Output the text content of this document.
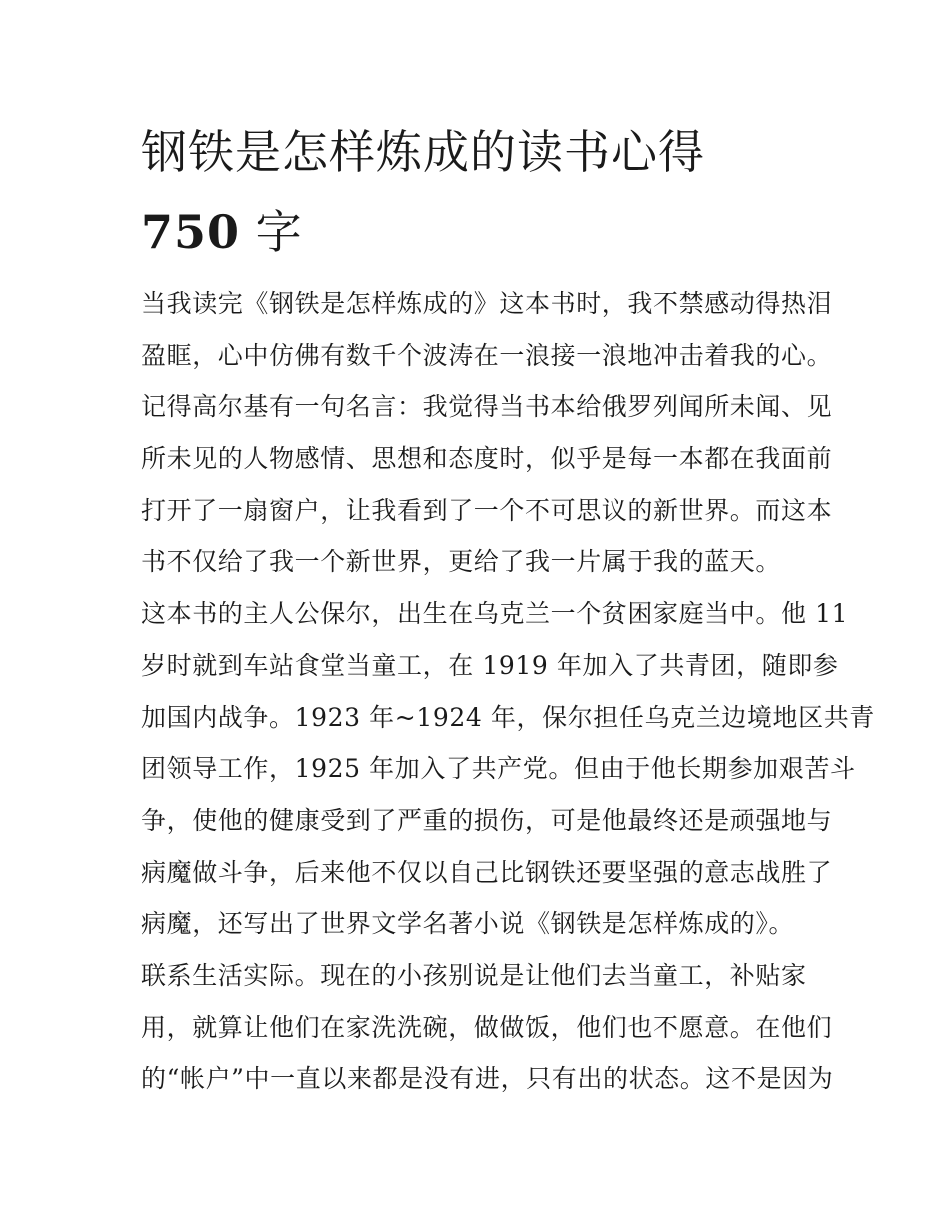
钢铁是怎样炼成的读书心得
750 字
当我读完《钢铁是怎样炼成的》这本书时，我不禁感动得热泪
盈眶，心中仿佛有数千个波涛在一浪接一浪地冲击着我的心。
记得高尔基有一句名言：我觉得当书本给俄罗列闻所未闻、见
所未见的人物感情、思想和态度时，似乎是每一本都在我面前
打开了一扇窗户，让我看到了一个不可思议的新世界。而这本
书不仅给了我一个新世界，更给了我一片属于我的蓝天。
这本书的主人公保尔，出生在乌克兰一个贫困家庭当中。他 11
岁时就到车站食堂当童工，在 1919 年加入了共青团，随即参
加国内战争。1923 年~1924 年，保尔担任乌克兰边境地区共青
团领导工作，1925 年加入了共产党。但由于他长期参加艰苦斗
争，使他的健康受到了严重的损伤，可是他最终还是顽强地与
病魔做斗争，后来他不仅以自己比钢铁还要坚强的意志战胜了
病魔，还写出了世界文学名著小说《钢铁是怎样炼成的》。
联系生活实际。现在的小孩别说是让他们去当童工，补贴家
用，就算让他们在家洗洗碗，做做饭，他们也不愿意。在他们
的“帐户”中一直以来都是没有进，只有出的状态。这不是因为
